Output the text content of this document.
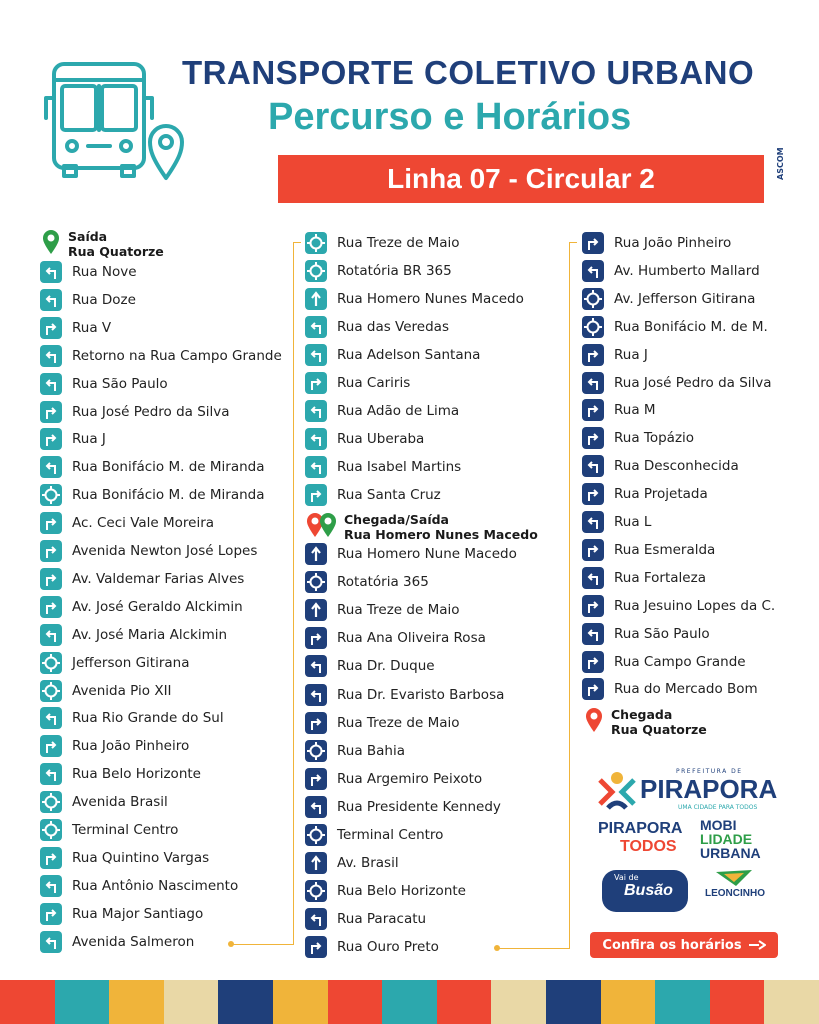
TRANSPORTE COLETIVO URBANO
Percurso e Horários
Linha 07 - Circular 2	ASCOM
Saída
Rua Quatorze
Rua Nove
Rua Doze
Rua V
Retorno na Rua Campo Grande
Rua São Paulo
Rua José Pedro da Silva
Rua J
Rua Bonifácio M. de Miranda
Rua Bonifácio M. de Miranda
Ac. Ceci Vale Moreira
Avenida Newton José Lopes
Av. Valdemar Farias Alves
Av. José Geraldo Alckimin
Av. José Maria Alckimin
Jefferson Gitirana
Avenida Pio XII
Rua Rio Grande do Sul
Rua João Pinheiro
Rua Belo Horizonte
Avenida Brasil
Terminal Centro
Rua Quintino Vargas
Rua Antônio Nascimento
Rua Major Santiago
Avenida Salmeron
Rua Treze de Maio
Rotatória BR 365
Rua Homero Nunes Macedo
Rua das Veredas
Rua Adelson Santana
Rua Cariris
Rua Adão de Lima
Rua Uberaba
Rua Isabel Martins
Rua Santa Cruz
Chegada/Saída
Rua Homero Nunes Macedo
Rua Homero Nune Macedo
Rotatória 365
Rua Treze de Maio
Rua Ana Oliveira Rosa
Rua Dr. Duque
Rua Dr. Evaristo Barbosa
Rua Treze de Maio
Rua Bahia
Rua Argemiro Peixoto
Rua Presidente Kennedy
Terminal Centro
Av. Brasil
Rua Belo Horizonte
Rua Paracatu
Rua Ouro Preto
Rua João Pinheiro
Av. Humberto Mallard
Av. Jefferson Gitirana
Rua Bonifácio M. de M.
Rua J
Rua José Pedro da Silva
Rua M
Rua Topázio
Rua Desconhecida
Rua Projetada
Rua L
Rua Esmeralda
Rua Fortaleza
Rua Jesuino Lopes da C.
Rua São Paulo
Rua Campo Grande
Rua do Mercado Bom
Chegada
Rua Quatorze
PREFEITURA DE
PIRAPORA
UMA CIDADE PARA TODOS
PIRAPORA
TODOS
MOBI
LIDADE
URBANA
Vai de
Busão	LEONCINHO
Confira os horários
